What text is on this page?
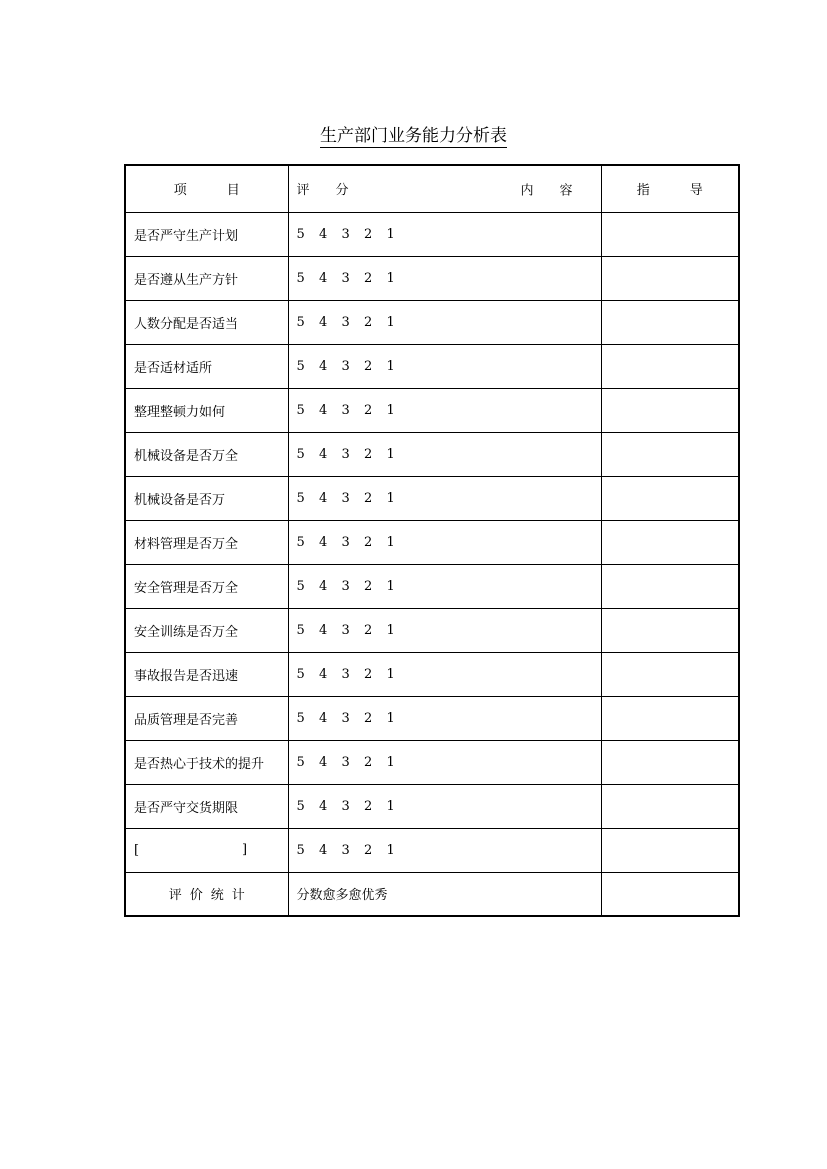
生产部门业务能力分析表
项 目	评 分 内 容	指 导
是否严守生产计划	5 4 3 2 1	

是否遵从生产方针	5 4 3 2 1	

人数分配是否适当	5 4 3 2 1	

是否适材适所	5 4 3 2 1	

整理整顿力如何	5 4 3 2 1	

机械设备是否万全	5 4 3 2 1	

机械设备是否万	5 4 3 2 1	

材料管理是否万全	5 4 3 2 1	

安全管理是否万全	5 4 3 2 1	

安全训练是否万全	5 4 3 2 1	

事故报告是否迅速	5 4 3 2 1	

品质管理是否完善	5 4 3 2 1	

是否热心于技术的提升	5 4 3 2 1	

是否严守交货期限	5 4 3 2 1	

[ ]	5 4 3 2 1	

评 价 统 计	分数愈多愈优秀	
